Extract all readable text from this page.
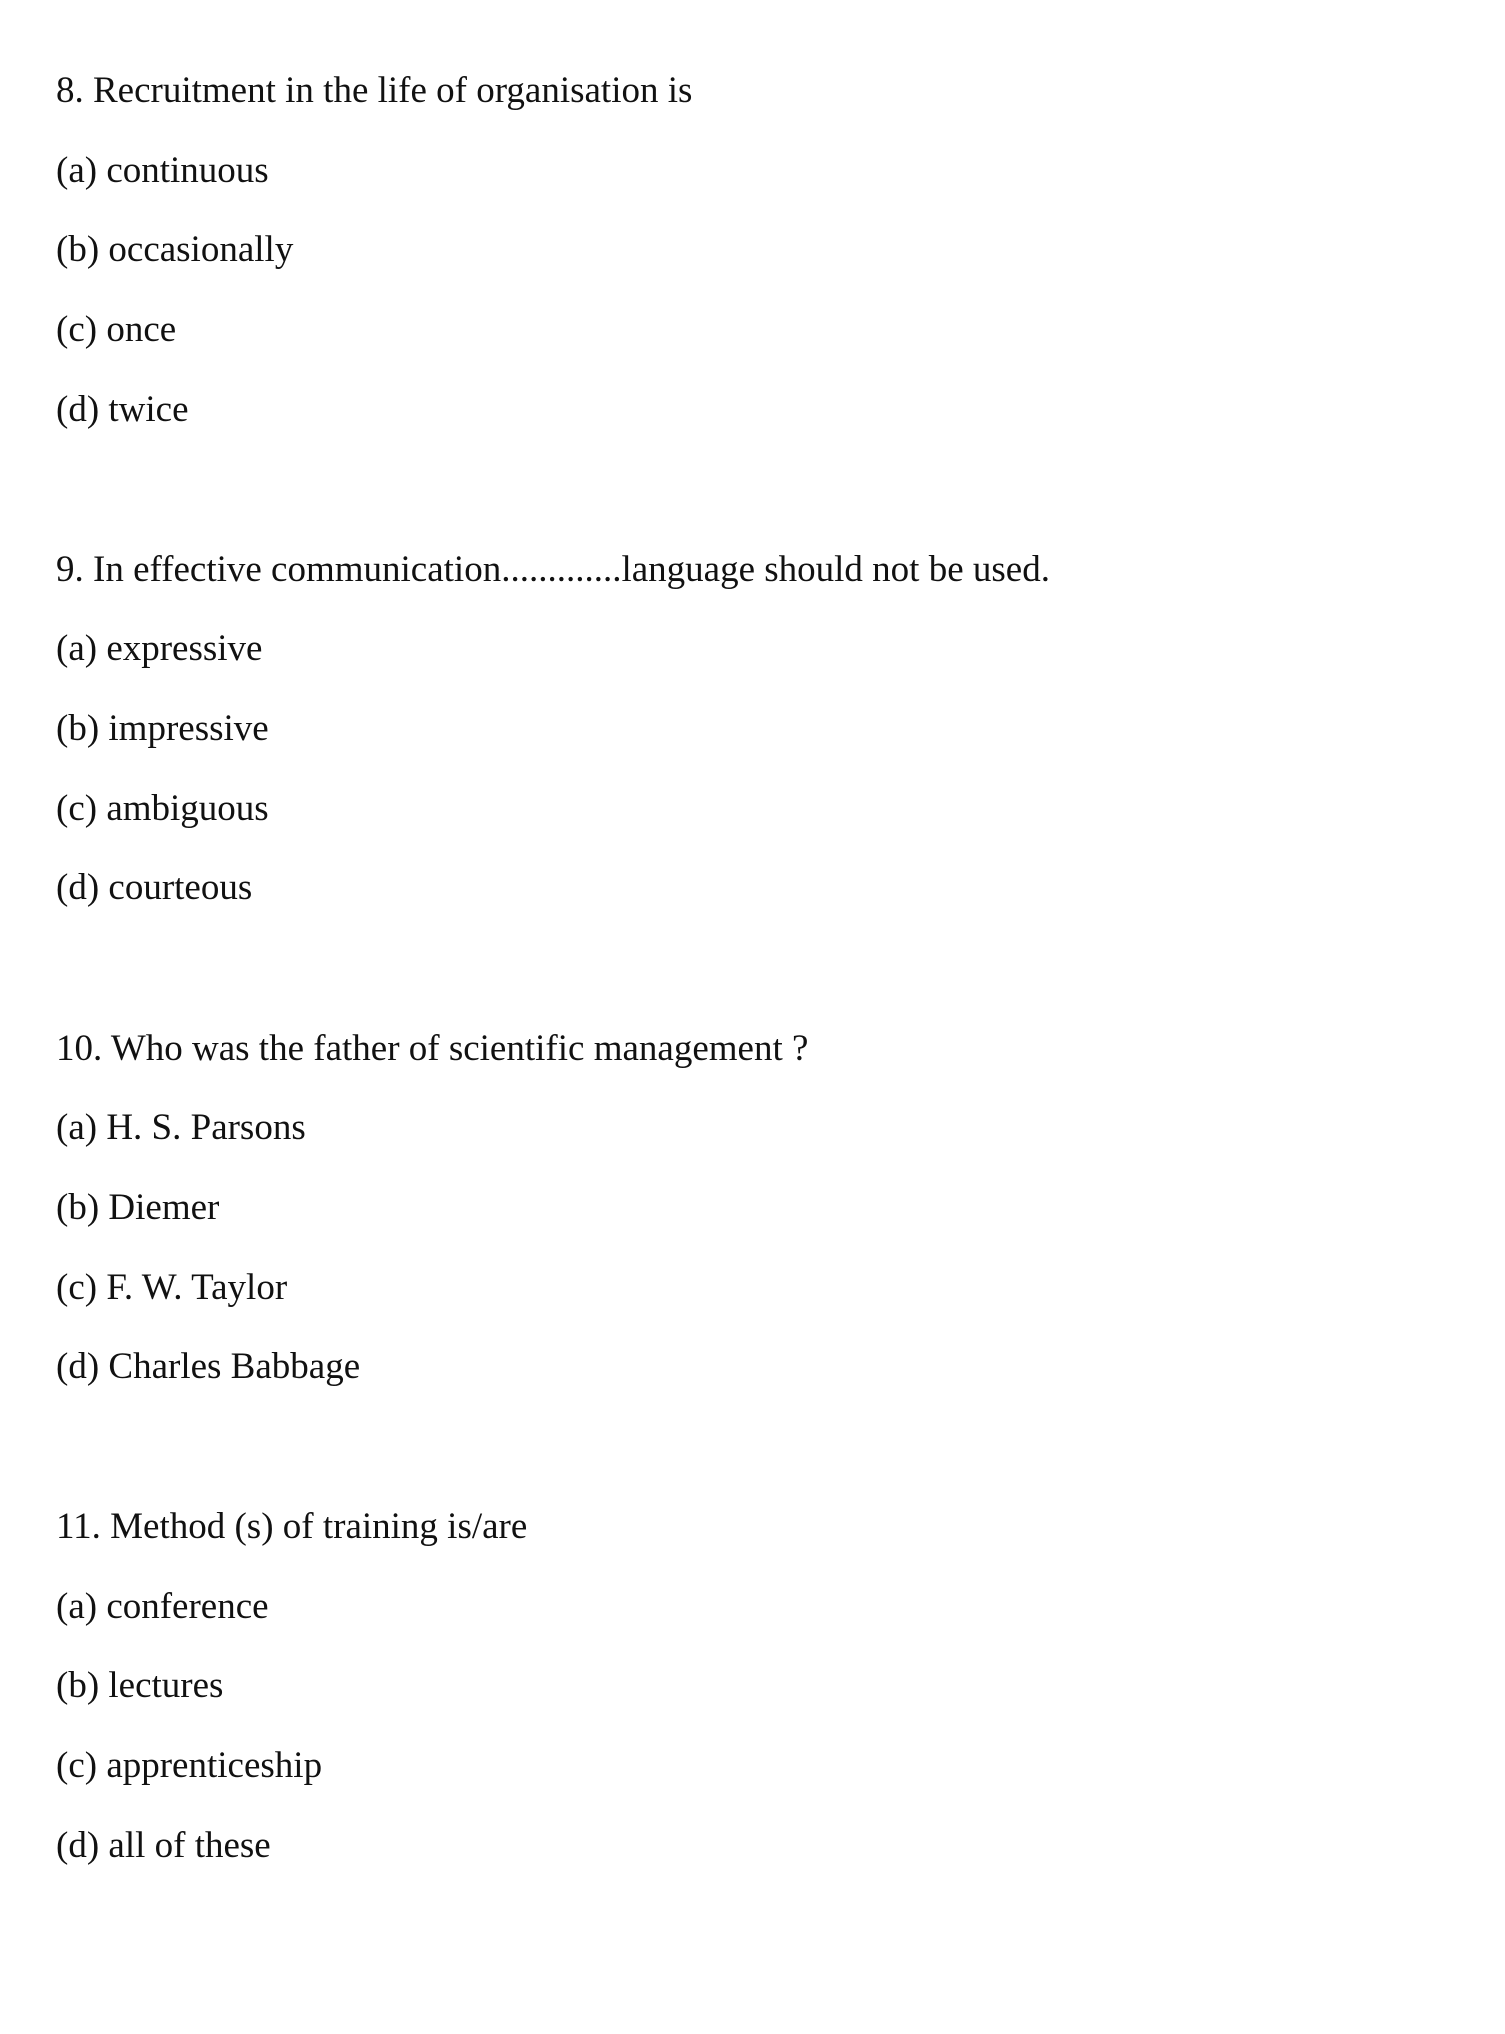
8. Recruitment in the life of organisation is
(a) continuous
(b) occasionally
(c) once
(d) twice
9. In effective communication.............language should not be used.
(a) expressive
(b) impressive
(c) ambiguous
(d) courteous
10. Who was the father of scientific management ?
(a) H. S. Parsons
(b) Diemer
(c) F. W. Taylor
(d) Charles Babbage
11. Method (s) of training is/are
(a) conference
(b) lectures
(c) apprenticeship
(d) all of these
